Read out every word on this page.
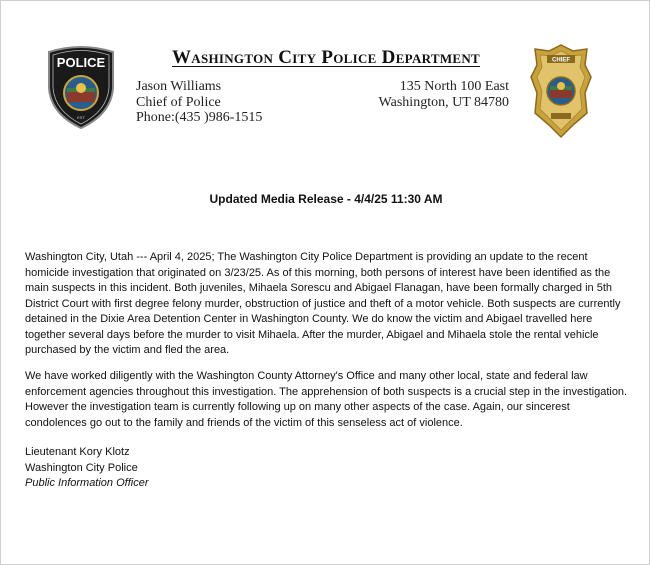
POLICE
EST
CHIEF
Washington City Police Department
Jason Williams
Chief of Police
Phone:(435 )986-1515
135 North 100 East
Washington, UT 84780
Updated Media Release - 4/4/25 11:30 AM
Washington City, Utah --- April 4, 2025; The Washington City Police Department is providing an update to the recent homicide investigation that originated on 3/23/25. As of this morning, both persons of interest have been identified as the main suspects in this incident. Both juveniles, Mihaela Sorescu and Abigael Flanagan, have been formally charged in 5th District Court with first degree felony murder, obstruction of justice and theft of a motor vehicle. Both suspects are currently detained in the Dixie Area Detention Center in Washington County. We do know the victim and Abigael travelled here together several days before the murder to visit Mihaela. After the murder, Abigael and Mihaela stole the rental vehicle purchased by the victim and fled the area.
We have worked diligently with the Washington County Attorney's Office and many other local, state and federal law enforcement agencies throughout this investigation. The apprehension of both suspects is a crucial step in the investigation. However the investigation team is currently following up on many other aspects of the case. Again, our sincerest condolences go out to the family and friends of the victim of this senseless act of violence.
Lieutenant Kory Klotz
Washington City Police
Public Information Officer
